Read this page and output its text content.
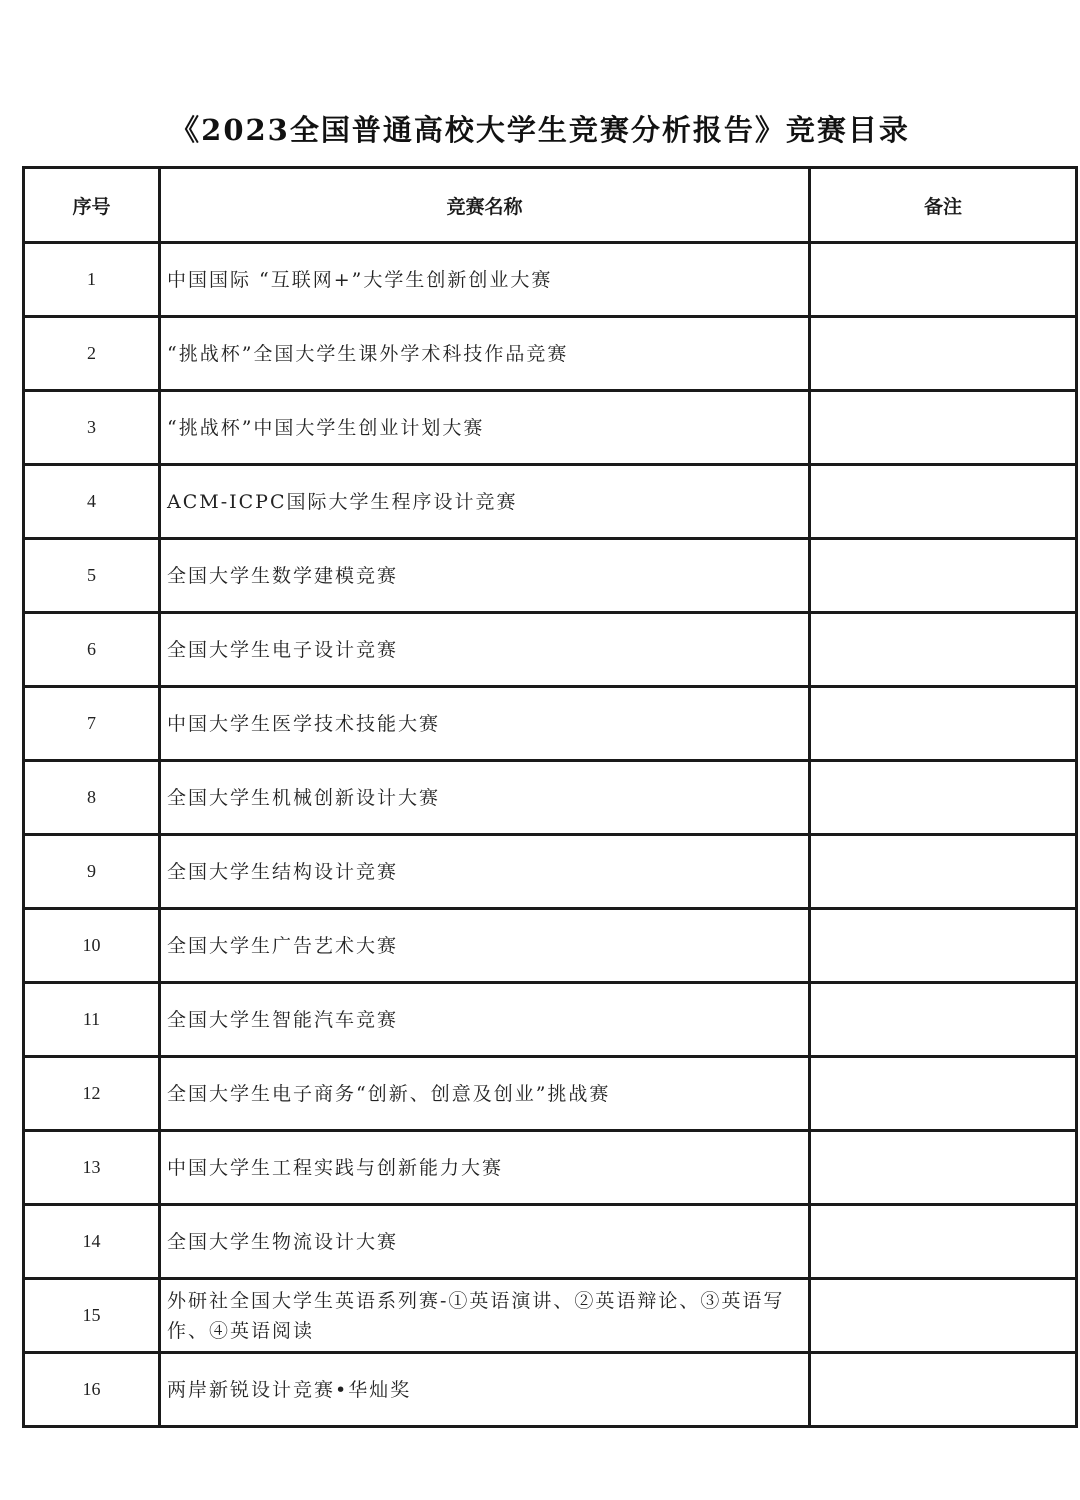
《2023全国普通高校大学生竞赛分析报告》竞赛目录
序号	竞赛名称	备注
1	中国国际 “互联网+”大学生创新创业大赛	
2	“挑战杯”全国大学生课外学术科技作品竞赛	
3	“挑战杯”中国大学生创业计划大赛	
4	ACM-ICPC国际大学生程序设计竞赛	
5	全国大学生数学建模竞赛	
6	全国大学生电子设计竞赛	
7	中国大学生医学技术技能大赛	
8	全国大学生机械创新设计大赛	
9	全国大学生结构设计竞赛	
10	全国大学生广告艺术大赛	
11	全国大学生智能汽车竞赛	
12	全国大学生电子商务“创新、创意及创业”挑战赛	
13	中国大学生工程实践与创新能力大赛	
14	全国大学生物流设计大赛	
15	外研社全国大学生英语系列赛-①英语演讲、②英语辩论、③英语写作、④英语阅读	
16	两岸新锐设计竞赛•华灿奖	
